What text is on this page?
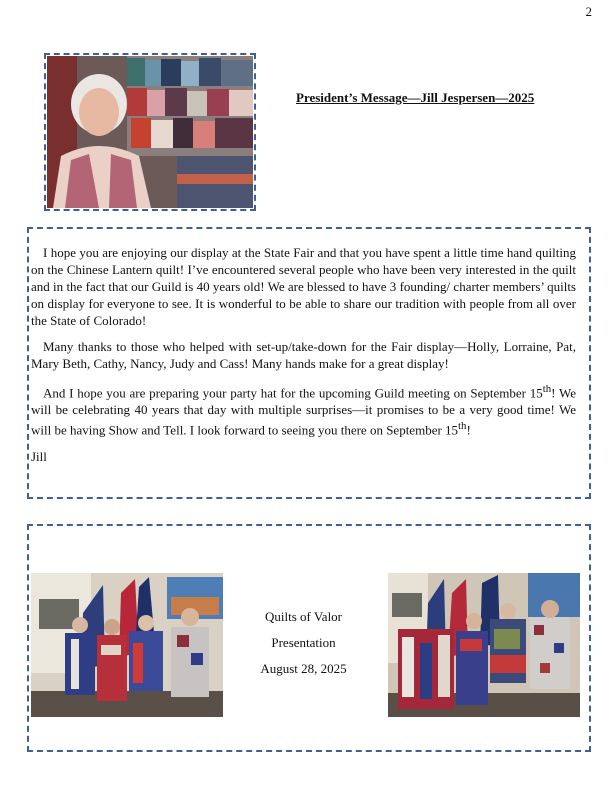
2
President’s Message—Jill Jespersen—2025

I hope you are enjoying our display at the State Fair and that you have spent a little time hand quilting on the Chinese Lantern quilt! I’ve encountered several people who have been very interested in the quilt and in the fact that our Guild is 40 years old! We are blessed to have 3 founding/ charter members’ quilts on display for everyone to see. It is wonderful to be able to share our tradition with people from all over the State of Colorado!

Many thanks to those who helped with set-up/take-down for the Fair display—Holly, Lorraine, Pat, Mary Beth, Cathy, Nancy, Judy and Cass! Many hands make for a great display!

And I hope you are preparing your party hat for the upcoming Guild meeting on September 15th! We will be celebrating 40 years that day with multiple surprises—it promises to be a very good time! We will be having Show and Tell. I look forward to seeing you there on September 15th!

Jill

Quilts of Valor
Presentation
August 28, 2025
